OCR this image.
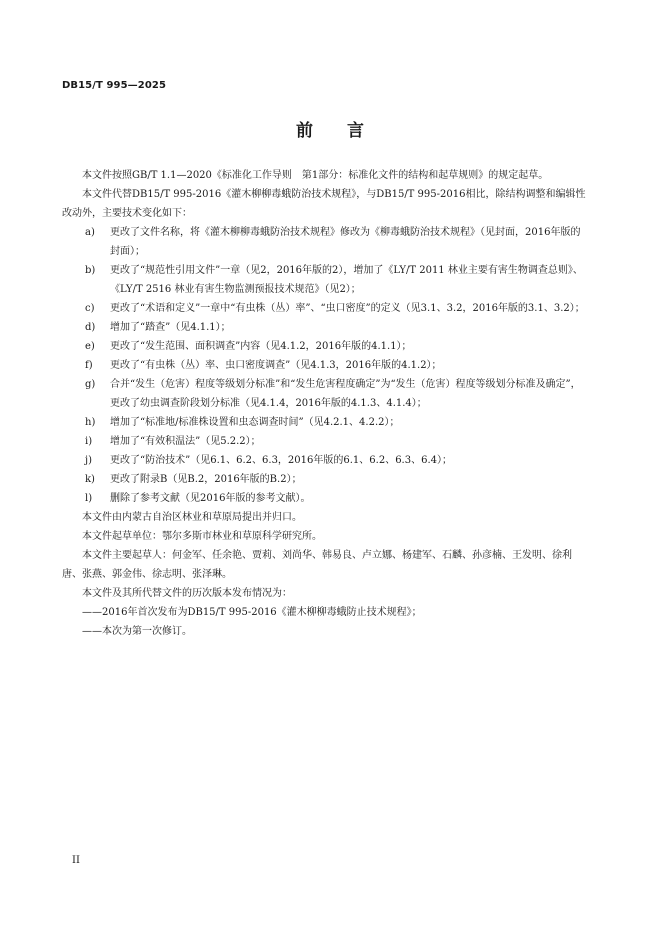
DB15/T 995—2025
前 言

本文件按照GB/T 1.1—2020《标准化工作导则　第1部分：标准化文件的结构和起草规则》的规定起草。

本文件代替DB15/T 995-2016《灌木柳柳毒蛾防治技术规程》，与DB15/T 995-2016相比，除结构调整和编辑性改动外，主要技术变化如下：

a) 更改了文件名称，将《灌木柳柳毒蛾防治技术规程》修改为《柳毒蛾防治技术规程》（见封面，2016年版的封面）；

b) 更改了“规范性引用文件”一章（见2，2016年版的2），增加了《LY/T 2011 林业主要有害生物调查总则》、《LY/T 2516 林业有害生物监测预报技术规范》（见2）；

c) 更改了“术语和定义”一章中“有虫株（丛）率”、“虫口密度”的定义（见3.1、3.2，2016年版的3.1、3.2）；

d) 增加了“踏查”（见4.1.1）；

e) 更改了“发生范围、面积调查”内容（见4.1.2，2016年版的4.1.1）；

f) 更改了“有虫株（丛）率、虫口密度调查”（见4.1.3，2016年版的4.1.2）；

g) 合并“发生（危害）程度等级划分标准”和“发生危害程度确定”为“发生（危害）程度等级划分标准及确定”，更改了幼虫调查阶段划分标准（见4.1.4，2016年版的4.1.3、4.1.4）；

h) 增加了“标准地/标准株设置和虫态调查时间”（见4.2.1、4.2.2）；

i) 增加了“有效积温法”（见5.2.2）；

j) 更改了“防治技术”（见6.1、6.2、6.3，2016年版的6.1、6.2、6.3、6.4）；

k) 更改了附录B（见B.2，2016年版的B.2）；

l) 删除了参考文献（见2016年版的参考文献）。

本文件由内蒙古自治区林业和草原局提出并归口。

本文件起草单位：鄂尔多斯市林业和草原科学研究所。

本文件主要起草人：何金军、任余艳、贾莉、刘尚华、韩易良、卢立娜、杨建军、石麟、孙彦楠、王发明、徐利唐、张燕、郭金伟、徐志明、张泽琳。

本文件及其所代替文件的历次版本发布情况为：

——2016年首次发布为DB15/T 995-2016《灌木柳柳毒蛾防止技术规程》；

——本次为第一次修订。

II
